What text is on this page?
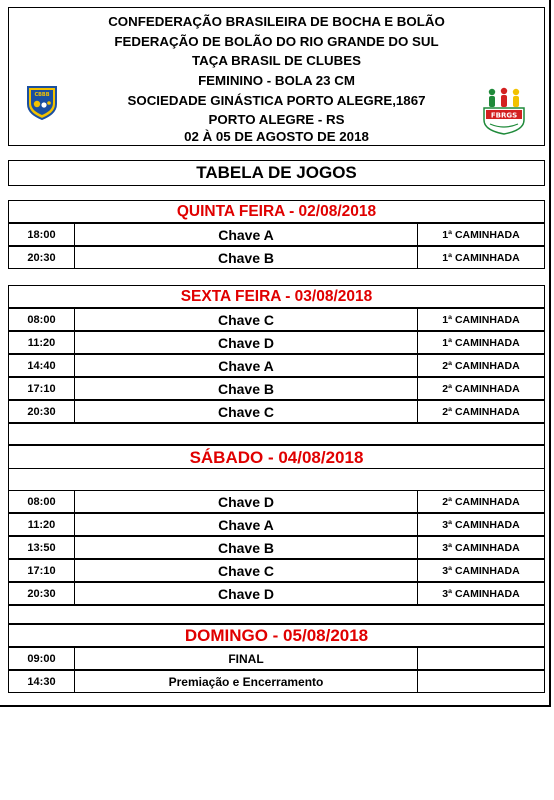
CONFEDERAÇÃO BRASILEIRA DE BOCHA E BOLÃO
FEDERAÇÃO DE BOLÃO DO RIO GRANDE DO SUL
TAÇA BRASIL DE CLUBES
FEMININO - BOLA 23 CM
SOCIEDADE GINÁSTICA PORTO ALEGRE,1867
PORTO ALEGRE - RS
02 À 05 DE AGOSTO DE 2018
CBBB
FBRGS
TABELA DE JOGOS
QUINTA FEIRA - 02/08/2018
18:00	Chave A	1ª CAMINHADA
20:30	Chave B	1ª CAMINHADA
SEXTA FEIRA - 03/08/2018
08:00	Chave C	1ª CAMINHADA
11:20	Chave D	1ª CAMINHADA
14:40	Chave A	2ª CAMINHADA
17:10	Chave B	2ª CAMINHADA
20:30	Chave C	2ª CAMINHADA
SÁBADO - 04/08/2018
08:00	Chave D	2ª CAMINHADA
11:20	Chave A	3ª CAMINHADA
13:50	Chave B	3ª CAMINHADA
17:10	Chave C	3ª CAMINHADA
20:30	Chave D	3ª CAMINHADA
DOMINGO - 05/08/2018
09:00	FINAL
14:30	Premiação e Encerramento
